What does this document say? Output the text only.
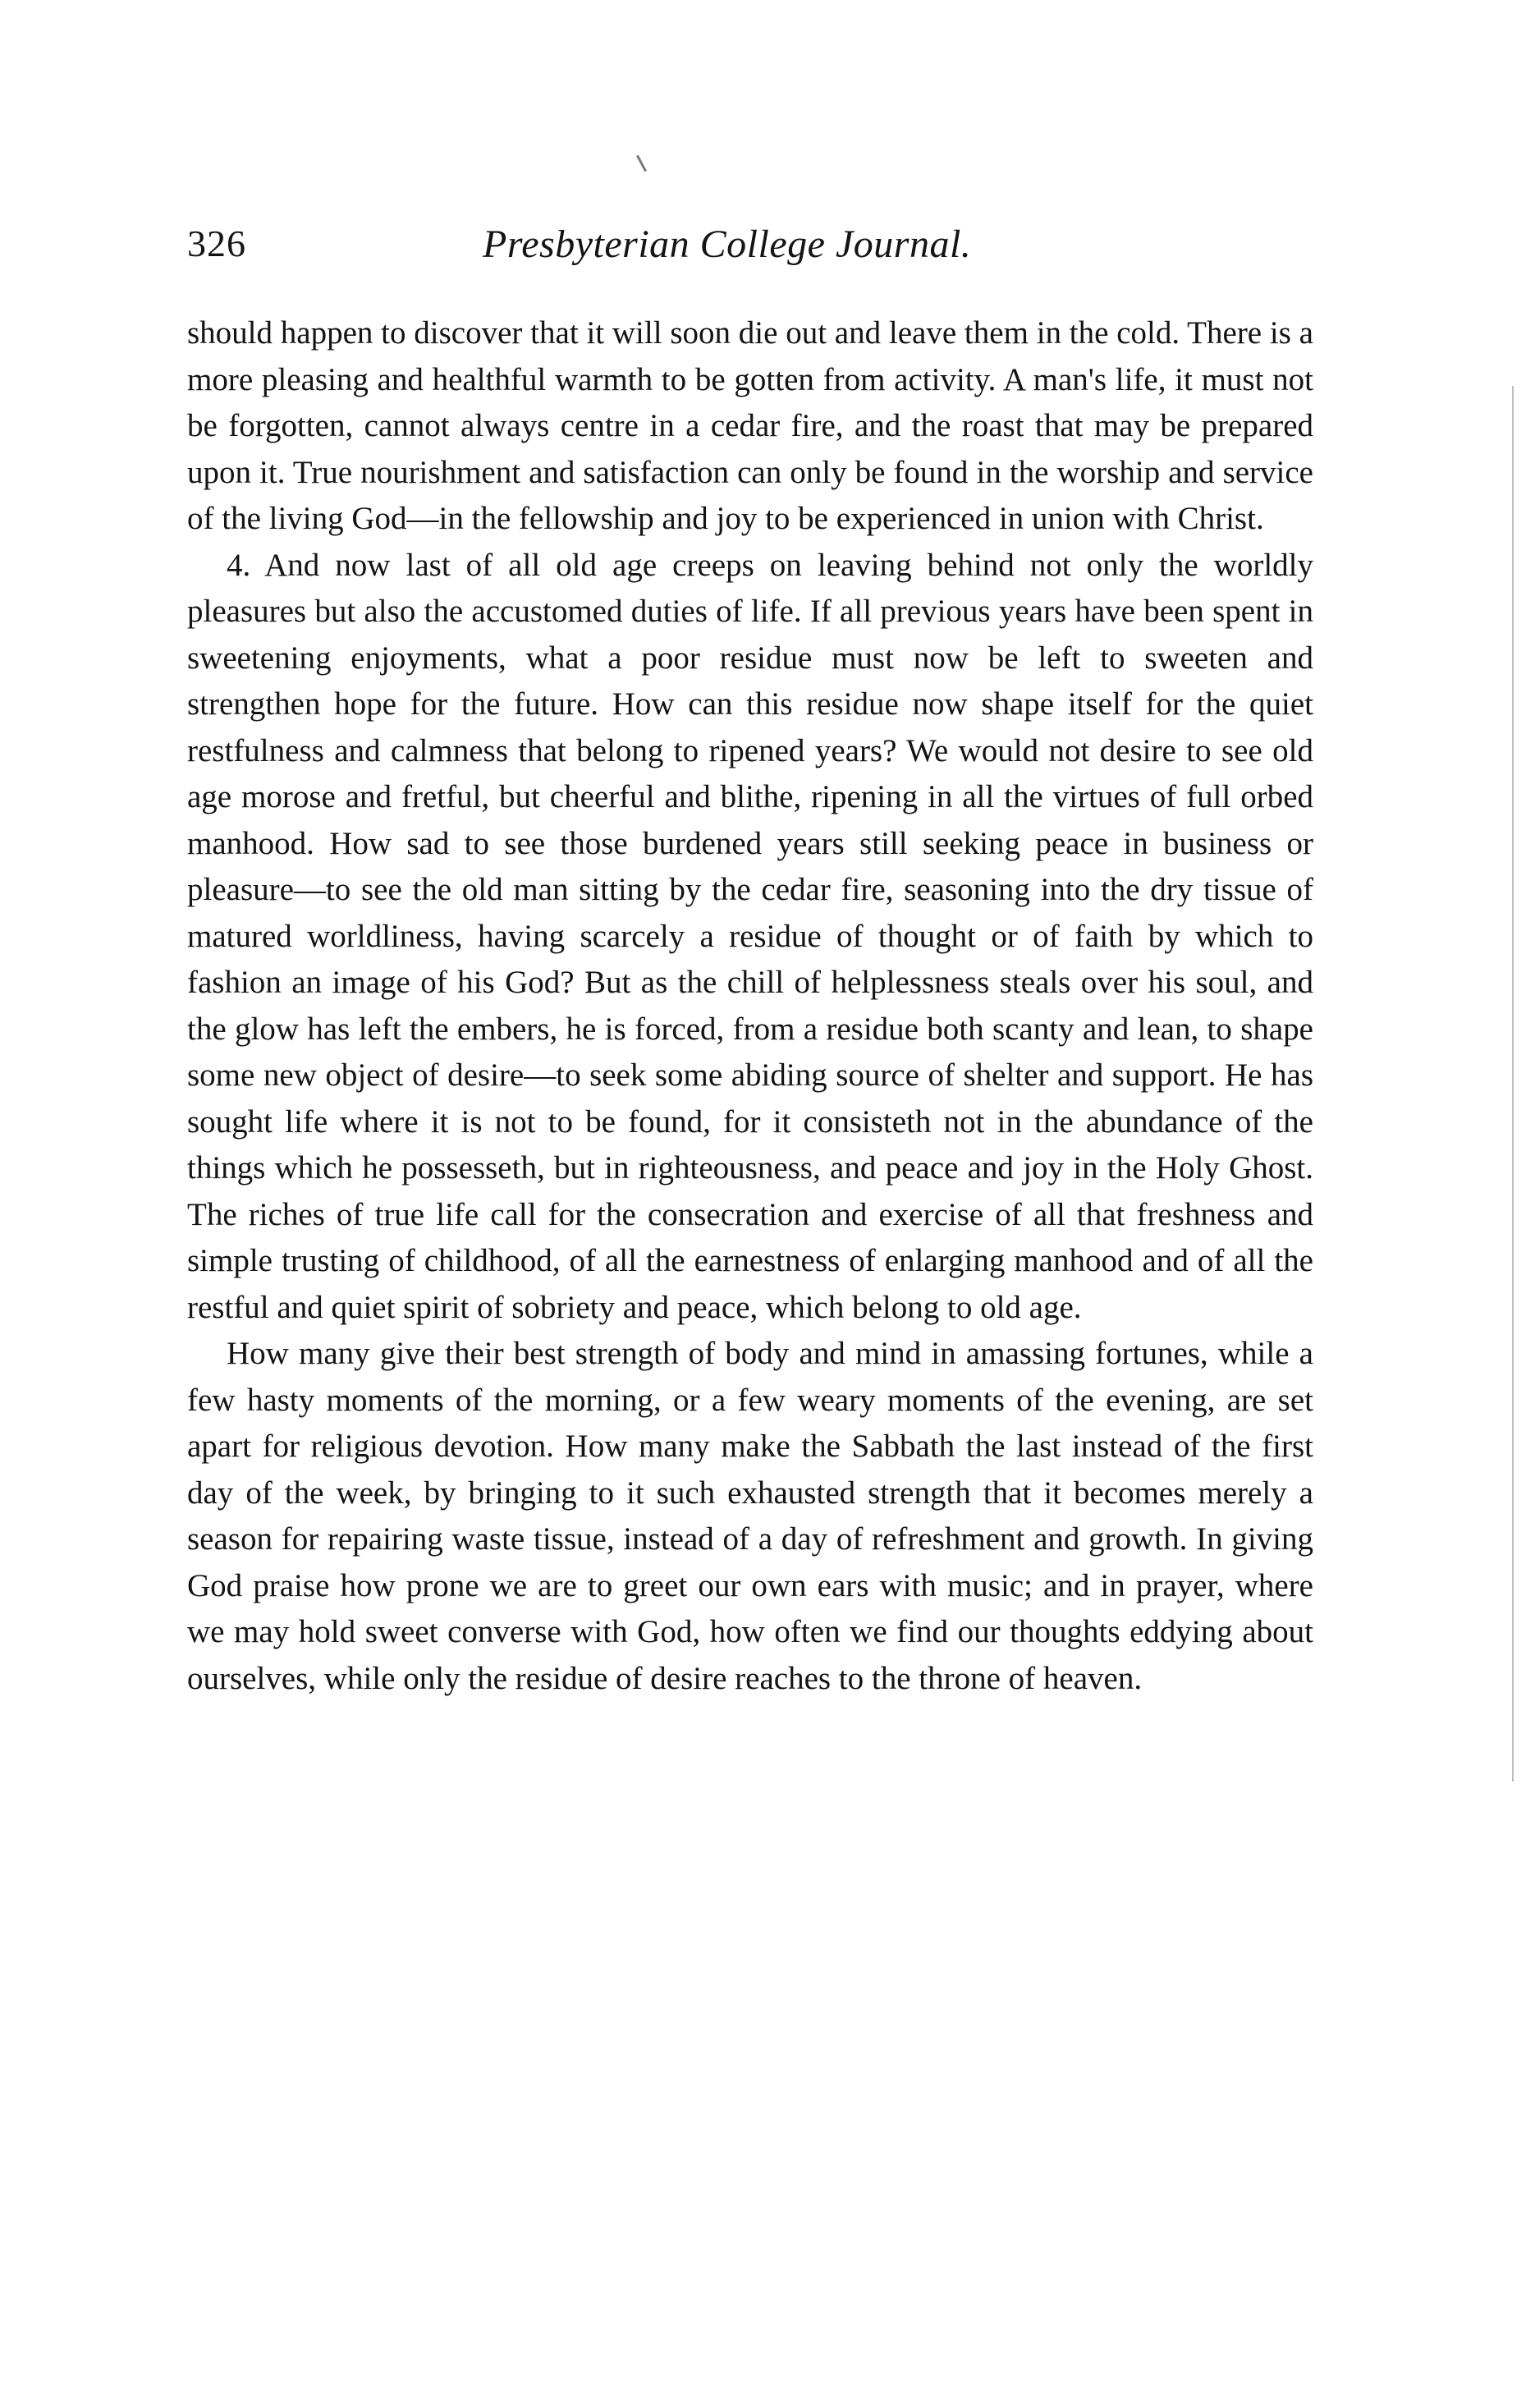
326	Presbyterian College Journal.

should happen to discover that it will soon die out and leave them in the cold. There is a more pleasing and healthful warmth to be gotten from activity. A man's life, it must not be forgotten, cannot always centre in a cedar fire, and the roast that may be prepared upon it. True nourishment and satisfaction can only be found in the worship and service of the living God—in the fellowship and joy to be experienced in union with Christ.

4. And now last of all old age creeps on leaving behind not only the worldly pleasures but also the accustomed duties of life. If all previous years have been spent in sweetening enjoyments, what a poor residue must now be left to sweeten and strengthen hope for the future. How can this residue now shape itself for the quiet restfulness and calmness that belong to ripened years? We would not desire to see old age morose and fretful, but cheerful and blithe, ripening in all the virtues of full orbed manhood. How sad to see those burdened years still seeking peace in business or pleasure—to see the old man sitting by the cedar fire, seasoning into the dry tissue of matured worldliness, having scarcely a residue of thought or of faith by which to fashion an image of his God? But as the chill of helplessness steals over his soul, and the glow has left the embers, he is forced, from a residue both scanty and lean, to shape some new object of desire—to seek some abiding source of shelter and support. He has sought life where it is not to be found, for it consisteth not in the abundance of the things which he possesseth, but in righteousness, and peace and joy in the Holy Ghost. The riches of true life call for the consecration and exercise of all that freshness and simple trusting of childhood, of all the earnestness of enlarging manhood and of all the restful and quiet spirit of sobriety and peace, which belong to old age.

How many give their best strength of body and mind in amassing fortunes, while a few hasty moments of the morning, or a few weary moments of the evening, are set apart for religious devotion. How many make the Sabbath the last instead of the first day of the week, by bringing to it such exhausted strength that it becomes merely a season for repairing waste tissue, instead of a day of refreshment and growth. In giving God praise how prone we are to greet our own ears with music; and in prayer, where we may hold sweet converse with God, how often we find our thoughts eddying about ourselves, while only the residue of desire reaches to the throne of heaven.
